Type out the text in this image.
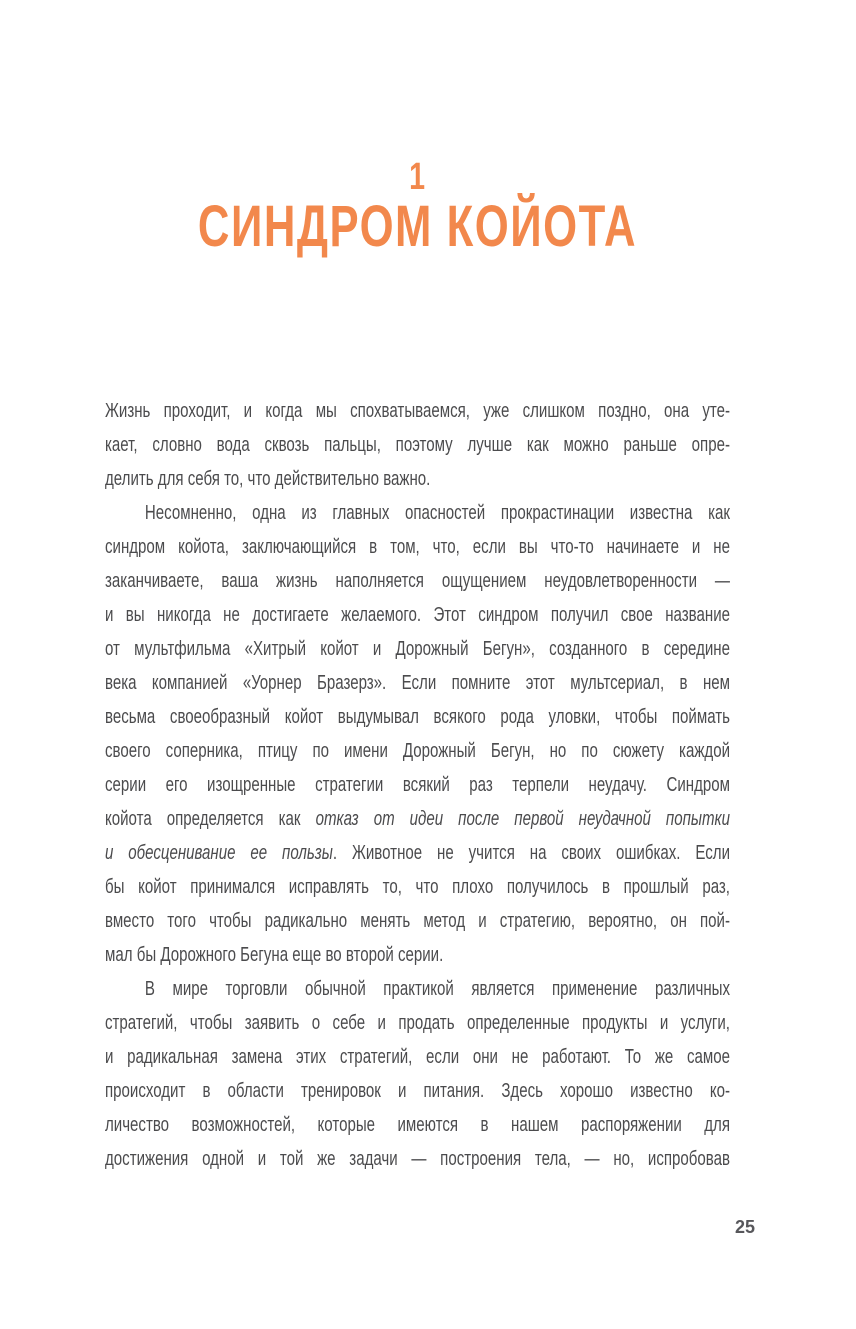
1
СИНДРОМ КОЙОТА
Жизнь проходит, и когда мы спохватываемся, уже слишком поздно, она уте-
кает, словно вода сквозь пальцы, поэтому лучше как можно раньше опре-
делить для себя то, что действительно важно.
Несомненно, одна из главных опасностей прокрастинации известна как
синдром койота, заключающийся в том, что, если вы что-то начинаете и не
заканчиваете, ваша жизнь наполняется ощущением неудовлетворенности —
и вы никогда не достигаете желаемого. Этот синдром получил свое название
от мультфильма «Хитрый койот и Дорожный Бегун», созданного в середине
века компанией «Уорнер Бразерз». Если помните этот мультсериал, в нем
весьма своеобразный койот выдумывал всякого рода уловки, чтобы поймать
своего соперника, птицу по имени Дорожный Бегун, но по сюжету каждой
серии его изощренные стратегии всякий раз терпели неудачу. Синдром
койота определяется как отказ от идеи после первой неудачной попытки
и обесценивание ее пользы. Животное не учится на своих ошибках. Если
бы койот принимался исправлять то, что плохо получилось в прошлый раз,
вместо того чтобы радикально менять метод и стратегию, вероятно, он пой-
мал бы Дорожного Бегуна еще во второй серии.
В мире торговли обычной практикой является применение различных
стратегий, чтобы заявить о себе и продать определенные продукты и услуги,
и радикальная замена этих стратегий, если они не работают. То же самое
происходит в области тренировок и питания. Здесь хорошо известно ко-
личество возможностей, которые имеются в нашем распоряжении для
достижения одной и той же задачи — построения тела, — но, испробовав
25
